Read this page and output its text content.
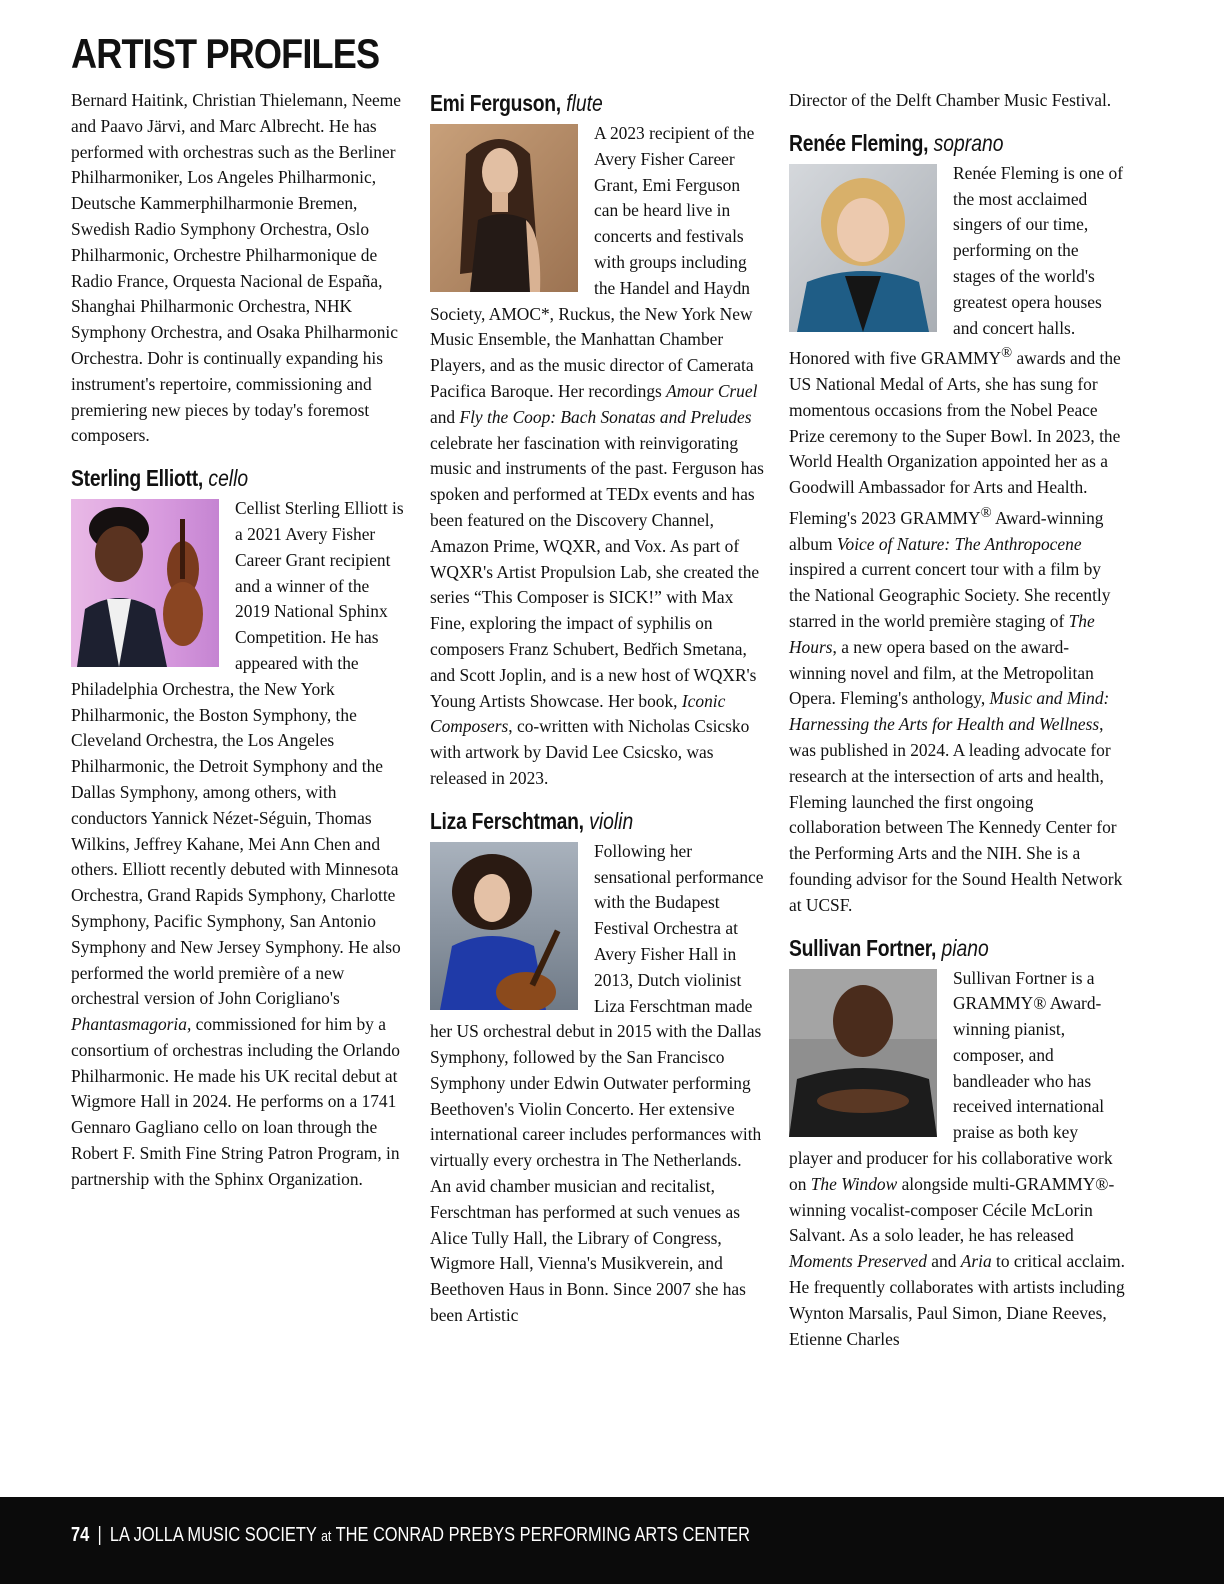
ARTIST PROFILES

Bernard Haitink, Christian Thielemann, Neeme and Paavo Järvi, and Marc Albrecht. He has performed with orchestras such as the Berliner Philharmoniker, Los Angeles Philharmonic, Deutsche Kammerphilharmonie Bremen, Swedish Radio Symphony Orchestra, Oslo Philharmonic, Orchestre Philharmonique de Radio France, Orquesta Nacional de España, Shanghai Philharmonic Orchestra, NHK Symphony Orchestra, and Osaka Philharmonic Orchestra. Dohr is continually expanding his instrument's repertoire, commissioning and premiering new pieces by today's foremost composers.

Sterling Elliott, cello

Cellist Sterling Elliott is a 2021 Avery Fisher Career Grant recipient and a winner of the 2019 National Sphinx Competition. He has appeared with the Philadelphia Orchestra, the New York Philharmonic, the Boston Symphony, the Cleveland Orchestra, the Los Angeles Philharmonic, the Detroit Symphony and the Dallas Symphony, among others, with conductors Yannick Nézet-Séguin, Thomas Wilkins, Jeffrey Kahane, Mei Ann Chen and others. Elliott recently debuted with Minnesota Orchestra, Grand Rapids Symphony, Charlotte Symphony, Pacific Symphony, San Antonio Symphony and New Jersey Symphony. He also performed the world première of a new orchestral version of John Corigliano's Phantasmagoria, commissioned for him by a consortium of orchestras including the Orlando Philharmonic. He made his UK recital debut at Wigmore Hall in 2024. He performs on a 1741 Gennaro Gagliano cello on loan through the Robert F. Smith Fine String Patron Program, in partnership with the Sphinx Organization.

Emi Ferguson, flute

A 2023 recipient of the Avery Fisher Career Grant, Emi Ferguson can be heard live in concerts and festivals with groups including the Handel and Haydn Society, AMOC*, Ruckus, the New York New Music Ensemble, the Manhattan Chamber Players, and as the music director of Camerata Pacifica Baroque. Her recordings Amour Cruel and Fly the Coop: Bach Sonatas and Preludes celebrate her fascination with reinvigorating music and instruments of the past. Ferguson has spoken and performed at TEDx events and has been featured on the Discovery Channel, Amazon Prime, WQXR, and Vox. As part of WQXR's Artist Propulsion Lab, she created the series “This Composer is SICK!” with Max Fine, exploring the impact of syphilis on composers Franz Schubert, Bedřich Smetana, and Scott Joplin, and is a new host of WQXR's Young Artists Showcase. Her book, Iconic Composers, co-written with Nicholas Csicsko with artwork by David Lee Csicsko, was released in 2023.

Liza Ferschtman, violin

Following her sensational performance with the Budapest Festival Orchestra at Avery Fisher Hall in 2013, Dutch violinist Liza Ferschtman made her US orchestral debut in 2015 with the Dallas Symphony, followed by the San Francisco Symphony under Edwin Outwater performing Beethoven's Violin Concerto. Her extensive international career includes performances with virtually every orchestra in The Netherlands. An avid chamber musician and recitalist, Ferschtman has performed at such venues as Alice Tully Hall, the Library of Congress, Wigmore Hall, Vienna's Musikverein, and Beethoven Haus in Bonn. Since 2007 she has been Artistic

Director of the Delft Chamber Music Festival.

Renée Fleming, soprano

Renée Fleming is one of the most acclaimed singers of our time, performing on the stages of the world's greatest opera houses and concert halls. Honored with five GRAMMY® awards and the US National Medal of Arts, she has sung for momentous occasions from the Nobel Peace Prize ceremony to the Super Bowl. In 2023, the World Health Organization appointed her as a Goodwill Ambassador for Arts and Health. Fleming's 2023 GRAMMY® Award-winning album Voice of Nature: The Anthropocene inspired a current concert tour with a film by the National Geographic Society. She recently starred in the world première staging of The Hours, a new opera based on the award-winning novel and film, at the Metropolitan Opera. Fleming's anthology, Music and Mind: Harnessing the Arts for Health and Wellness, was published in 2024. A leading advocate for research at the intersection of arts and health, Fleming launched the first ongoing collaboration between The Kennedy Center for the Performing Arts and the NIH. She is a founding advisor for the Sound Health Network at UCSF.

Sullivan Fortner, piano

Sullivan Fortner is a GRAMMY® Award-winning pianist, composer, and bandleader who has received international praise as both key player and producer for his collaborative work on The Window alongside multi-GRAMMY®-winning vocalist-composer Cécile McLorin Salvant. As a solo leader, he has released Moments Preserved and Aria to critical acclaim. He frequently collaborates with artists including Wynton Marsalis, Paul Simon, Diane Reeves, Etienne Charles

74 | LA JOLLA MUSIC SOCIETY at THE CONRAD PREBYS PERFORMING ARTS CENTER
